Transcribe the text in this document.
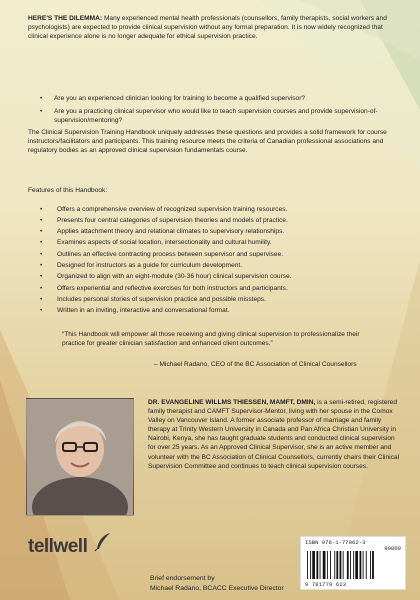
HERE'S THE DILEMMA: Many experienced mental health professionals (counsellors, family therapists, social workers and psychologists) are expected to provide clinical supervision without any formal preparation. It is now widely recognized that clinical experience alone is no longer adequate for ethical supervision practice.

• Are you an experienced clinician looking for training to become a qualified supervisor?
• Are you a practicing clinical supervisor who would like to teach supervision courses and provide supervision-of-supervision/mentoring?

The Clinical Supervision Training Handbook uniquely addresses these questions and provides a solid framework for course instructors/facilitators and participants. This training resource meets the criteria of Canadian professional associations and regulatory bodies as an approved clinical supervision fundamentals course.

Features of this Handbook:

• Offers a comprehensive overview of recognized supervision training resources.
• Presents four central categories of supervision theories and models of practice.
• Applies attachment theory and relational climates to supervisory relationships.
• Examines aspects of social location, intersectionality and cultural humility.
• Outlines an effective contracting process between supervisor and supervisee.
• Designed for instructors as a guide for curriculum development.
• Organized to align with an eight-module (30-36 hour) clinical supervision course.
• Offers experiential and reflective exercises for both instructors and participants.
• Includes personal stories of supervision practice and possible missteps.
• Written in an inviting, interactive and conversational format.

“This Handbook will empower all those receiving and giving clinical supervision to professionalize their practice for greater clinician satisfaction and enhanced client outcomes.”

– Michael Radano, CEO of the BC Association of Clinical Counsellors

DR. EVANGELINE WILLMS THIESSEN, MAMFT, DMIN, is a semi-retired, registered family therapist and CAMFT Supervisor-Mentor, living with her spouse in the Comox Valley on Vancouver Island. A former associate professor of marriage and family therapy at Trinity Western University in Canada and Pan Africa Christian University in Nairobi, Kenya, she has taught graduate students and conducted clinical supervision for over 25 years. As an Approved Clinical Supervisor, she is an active member and volunteer with the BC Association of Clinical Counsellors, currently chairs their Clinical Supervision Committee and continues to teach clinical supervision courses.

tellwell
Brief endorsement by
Michael Radano, BCACC Executive Director
ISBN 978-1-77962-3
90000
9 781779 623
